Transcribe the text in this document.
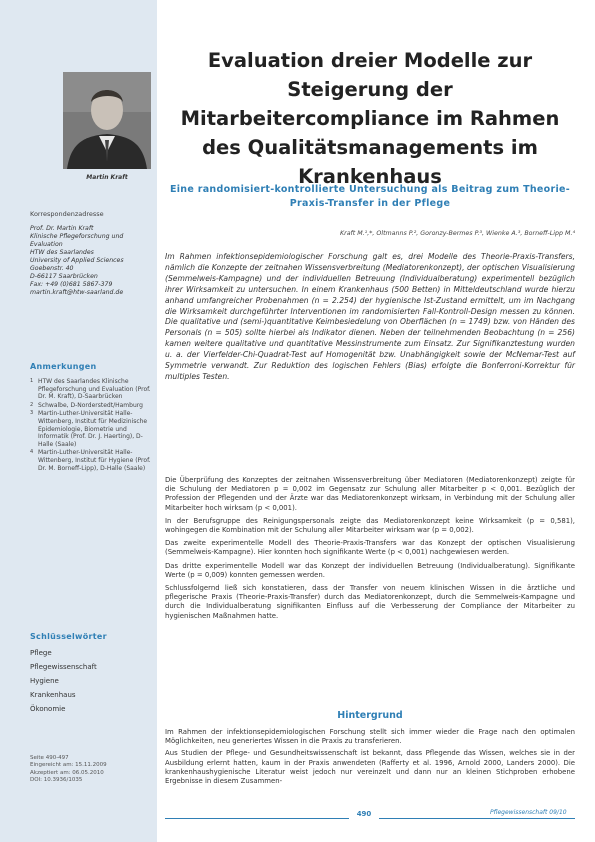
Martin Kraft
Korrespondenzadresse
Prof. Dr. Martin Kraft
Klinische Pflegeforschung und
Evaluation
HTW des Saarlandes
University of Applied Sciences
Goebenstr. 40
D-66117 Saarbrücken
Fax: +49 (0)681 5867-379
martin.kraft@htw-saarland.de
Anmerkungen
1 HTW des Saarlandes Klinische Pflegeforschung und Evaluation (Prof. Dr. M. Kraft), D-Saarbrücken
2 Schwalbe, D-Norderstedt/Hamburg
3 Martin-Luther-Universität Halle-Wittenberg, Institut für Medizinische Epidemiologie, Biometrie und Informatik (Prof. Dr. J. Haerting), D-Halle (Saale)
4 Martin-Luther-Universität Halle-Wittenberg, Institut für Hygiene (Prof. Dr. M. Borneff-Lipp), D-Halle (Saale)
Schlüsselwörter
Pflege
Pflegewissenschaft
Hygiene
Krankenhaus
Ökonomie
Seite 490-497
Eingereicht am: 15.11.2009
Akzeptiert am: 06.05.2010
DOI: 10.3936/1035
Evaluation dreier Modelle zur Steigerung der Mitarbeitercompliance im Rahmen des Qualitätsmanagements im Krankenhaus
Eine randomisiert-kontrollierte Untersuchung als Beitrag zum Theorie-Praxis-Transfer in der Pflege
Kraft M.¹,*, Oltmanns P.², Goronzy-Bermes P.³, Wienke A.³, Borneff-Lipp M.⁴

Im Rahmen infektionsepidemiologischer Forschung galt es, drei Modelle des Theorie-Praxis-Transfers, nämlich die Konzepte der zeitnahen Wissensverbreitung (Mediatorenkonzept), der optischen Visualisierung (Semmelweis-Kampagne) und der individuellen Betreuung (Individualberatung) experimentell bezüglich ihrer Wirksamkeit zu untersuchen. In einem Krankenhaus (500 Betten) in Mitteldeutschland wurde hierzu anhand umfangreicher Probenahmen (n = 2.254) der hygienische Ist-Zustand ermittelt, um im Nachgang die Wirksamkeit durchgeführter Interventionen im randomisierten Fall-Kontroll-Design messen zu können. Die qualitative und (semi-)quantitative Keimbesiedelung von Oberflächen (n = 1749) bzw. von Händen des Personals (n = 505) sollte hierbei als Indikator dienen. Neben der teilnehmenden Beobachtung (n = 256) kamen weitere qualitative und quantitative Messinstrumente zum Einsatz. Zur Signifikanztestung wurden u. a. der Vierfelder-Chi-Quadrat-Test auf Homogenität bzw. Unabhängigkeit sowie der McNemar-Test auf Symmetrie verwandt. Zur Reduktion des logischen Fehlers (Bias) erfolgte die Bonferroni-Korrektur für multiples Testen.

Die Überprüfung des Konzeptes der zeitnahen Wissensverbreitung über Mediatoren (Mediatorenkonzept) zeigte für die Schulung der Mediatoren p = 0,002 im Gegensatz zur Schulung aller Mitarbeiter p < 0,001. Bezüglich der Profession der Pflegenden und der Ärzte war das Mediatorenkonzept wirksam, in Verbindung mit der Schulung aller Mitarbeiter hoch wirksam (p < 0,001).

In der Berufsgruppe des Reinigungspersonals zeigte das Mediatorenkonzept keine Wirksamkeit (p = 0,581), wohingegen die Kombination mit der Schulung aller Mitarbeiter wirksam war (p = 0,002).

Das zweite experimentelle Modell des Theorie-Praxis-Transfers war das Konzept der optischen Visualisierung (Semmelweis-Kampagne). Hier konnten hoch signifikante Werte (p < 0,001) nachgewiesen werden.

Das dritte experimentelle Modell war das Konzept der individuellen Betreuung (Individualberatung). Signifikante Werte (p = 0,009) konnten gemessen werden.

Schlussfolgernd ließ sich konstatieren, dass der Transfer von neuem klinischen Wissen in die ärztliche und pflegerische Praxis (Theorie-Praxis-Transfer) durch das Mediatorenkonzept, durch die Semmelweis-Kampagne und durch die Individualberatung signifikanten Einfluss auf die Verbesserung der Compliance der Mitarbeiter zu hygienischen Maßnahmen hatte.

Hintergrund

Im Rahmen der infektionsepidemiologischen Forschung stellt sich immer wieder die Frage nach den optimalen Möglichkeiten, neu generiertes Wissen in die Praxis zu transferieren.

Aus Studien der Pflege- und Gesundheitswissenschaft ist bekannt, dass Pflegende das Wissen, welches sie in der Ausbildung erlernt hatten, kaum in der Praxis anwendeten (Rafferty et al. 1996, Arnold 2000, Landers 2000). Die krankenhaushygienische Literatur weist jedoch nur vereinzelt und dann nur an kleinen Stichproben erhobene Ergebnisse in diesem Zusammen-

490	Pflegewissenschaft 09/10
